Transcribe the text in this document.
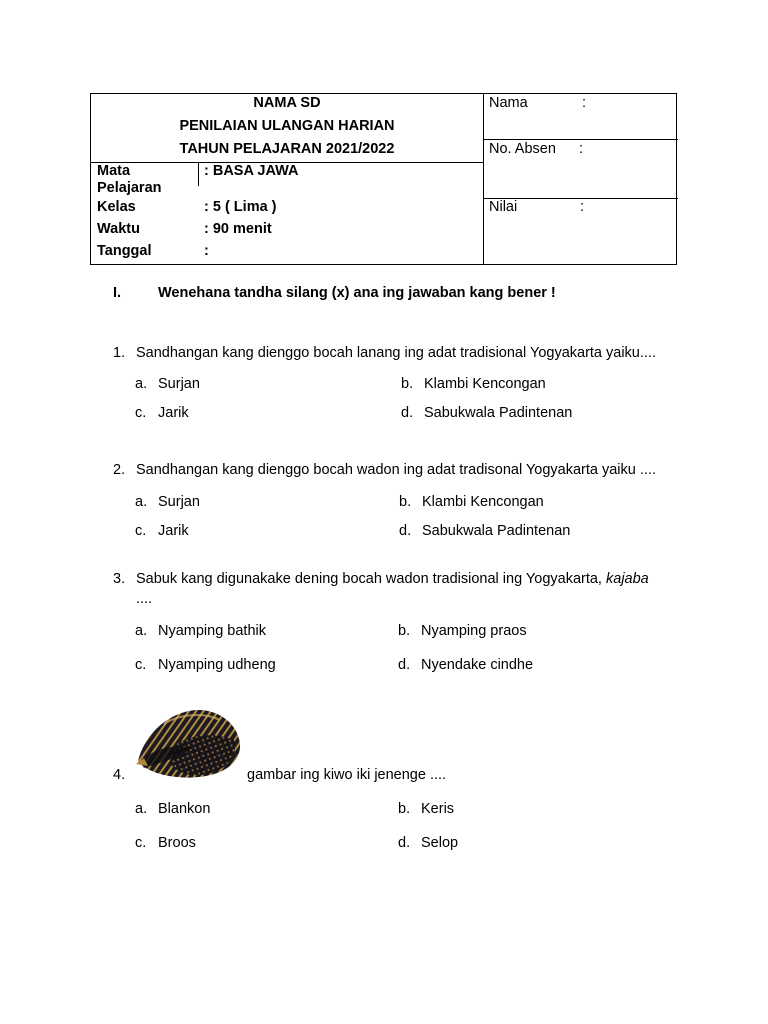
NAMA SD
PENILAIAN ULANGAN HARIAN
TAHUN PELAJARAN 2021/2022
Mata
Pelajaran
: BASA JAWA
Kelas	: 5 ( Lima )
Waktu	: 90 menit
Tanggal	:
Nama	:
No. Absen :
Nilai	:
I.	Wenehana tandha silang (x) ana ing jawaban kang bener !
1. Sandhangan kang dienggo bocah lanang ing adat tradisional Yogyakarta yaiku....
a. Surjan	b. Klambi Kencongan
c. Jarik	d. Sabukwala Padintenan
2. Sandhangan kang dienggo bocah wadon ing adat tradisonal Yogyakarta yaiku ....
a. Surjan	b. Klambi Kencongan
c. Jarik	d. Sabukwala Padintenan
3. Sabuk kang digunakake dening bocah wadon tradisional ing Yogyakarta, kajaba
....
a. Nyamping bathik	b. Nyamping praos
c. Nyamping udheng	d. Nyendake cindhe
4.	gambar ing kiwo iki jenenge ....
a. Blankon	b. Keris
c. Broos	d. Selop
